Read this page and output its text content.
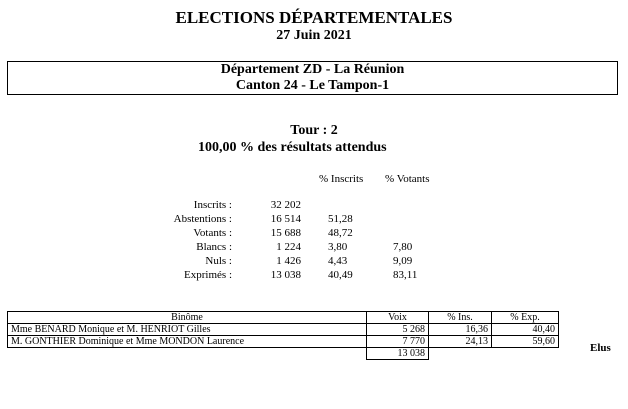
ELECTIONS DÉPARTEMENTALES
27 Juin 2021
Département ZD - La Réunion
Canton 24 - Le Tampon-1
Tour : 2
100,00 % des résultats attendus
% Inscrits % Votants
Inscrits :	32 202
Abstentions :	16 514 51,28
Votants :	15 688 48,72
Blancs :	1 224 3,80	7,80
Nuls :	1 426 4,43	9,09
Exprimés :	13 038 40,49	83,11
Binôme	Voix	% Ins.	% Exp.
Mme BENARD Monique et M. HENRIOT Gilles	5 268	16,36	40,40
M. GONTHIER Dominique et Mme MONDON Laurence	7 770	24,13	59,60
	13 038			Elus
